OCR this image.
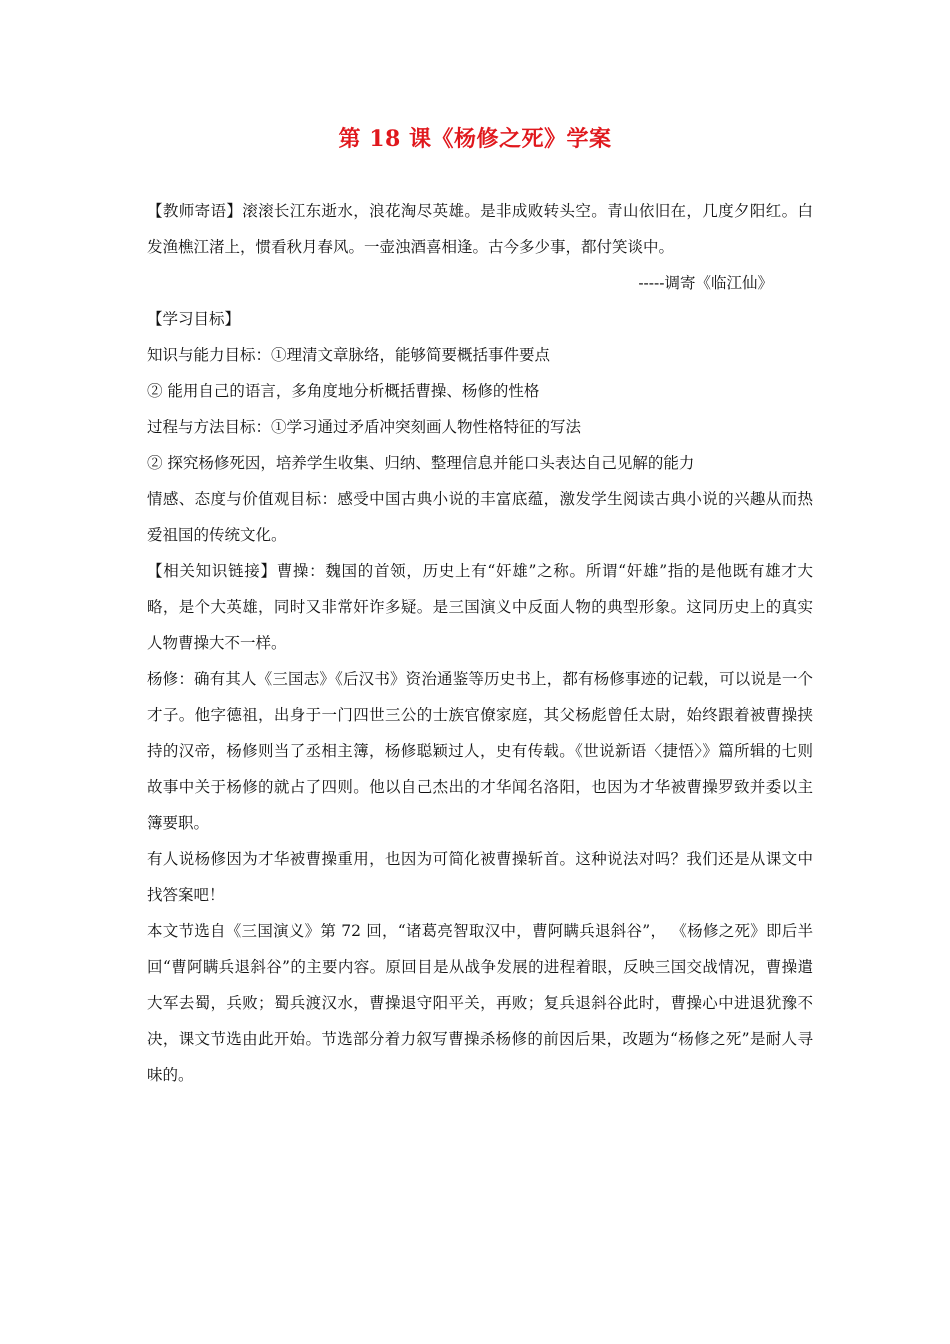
第 18 课《杨修之死》学案

【教师寄语】滚滚长江东逝水，浪花淘尽英雄。是非成败转头空。青山依旧在，几度夕阳红。白发渔樵江渚上，惯看秋月春风。一壶浊酒喜相逢。古今多少事，都付笑谈中。

-----调寄《临江仙》

【学习目标】

知识与能力目标：①理清文章脉络，能够简要概括事件要点

② 能用自己的语言，多角度地分析概括曹操、杨修的性格

过程与方法目标：①学习通过矛盾冲突刻画人物性格特征的写法

② 探究杨修死因，培养学生收集、归纳、整理信息并能口头表达自己见解的能力

情感、态度与价值观目标：感受中国古典小说的丰富底蕴，激发学生阅读古典小说的兴趣从而热爱祖国的传统文化。

【相关知识链接】曹操：魏国的首领，历史上有“奸雄”之称。所谓“奸雄”指的是他既有雄才大略，是个大英雄，同时又非常奸诈多疑。是三国演义中反面人物的典型形象。这同历史上的真实人物曹操大不一样。

杨修：确有其人《三国志》《后汉书》资治通鉴等历史书上，都有杨修事迹的记载，可以说是一个才子。他字德祖，出身于一门四世三公的士族官僚家庭，其父杨彪曾任太尉，始终跟着被曹操挟持的汉帝，杨修则当了丞相主簿，杨修聪颖过人，史有传载。《世说新语〈捷悟〉》篇所辑的七则故事中关于杨修的就占了四则。他以自己杰出的才华闻名洛阳，也因为才华被曹操罗致并委以主簿要职。

有人说杨修因为才华被曹操重用，也因为可简化被曹操斩首。这种说法对吗？我们还是从课文中找答案吧！

本文节选自《三国演义》第 72 回，“诸葛亮智取汉中，曹阿瞒兵退斜谷”， 《杨修之死》即后半回“曹阿瞒兵退斜谷”的主要内容。原回目是从战争发展的进程着眼，反映三国交战情况，曹操遣大军去蜀，兵败；蜀兵渡汉水，曹操退守阳平关，再败；复兵退斜谷此时，曹操心中进退犹豫不决，课文节选由此开始。节选部分着力叙写曹操杀杨修的前因后果，改题为“杨修之死”是耐人寻味的。
